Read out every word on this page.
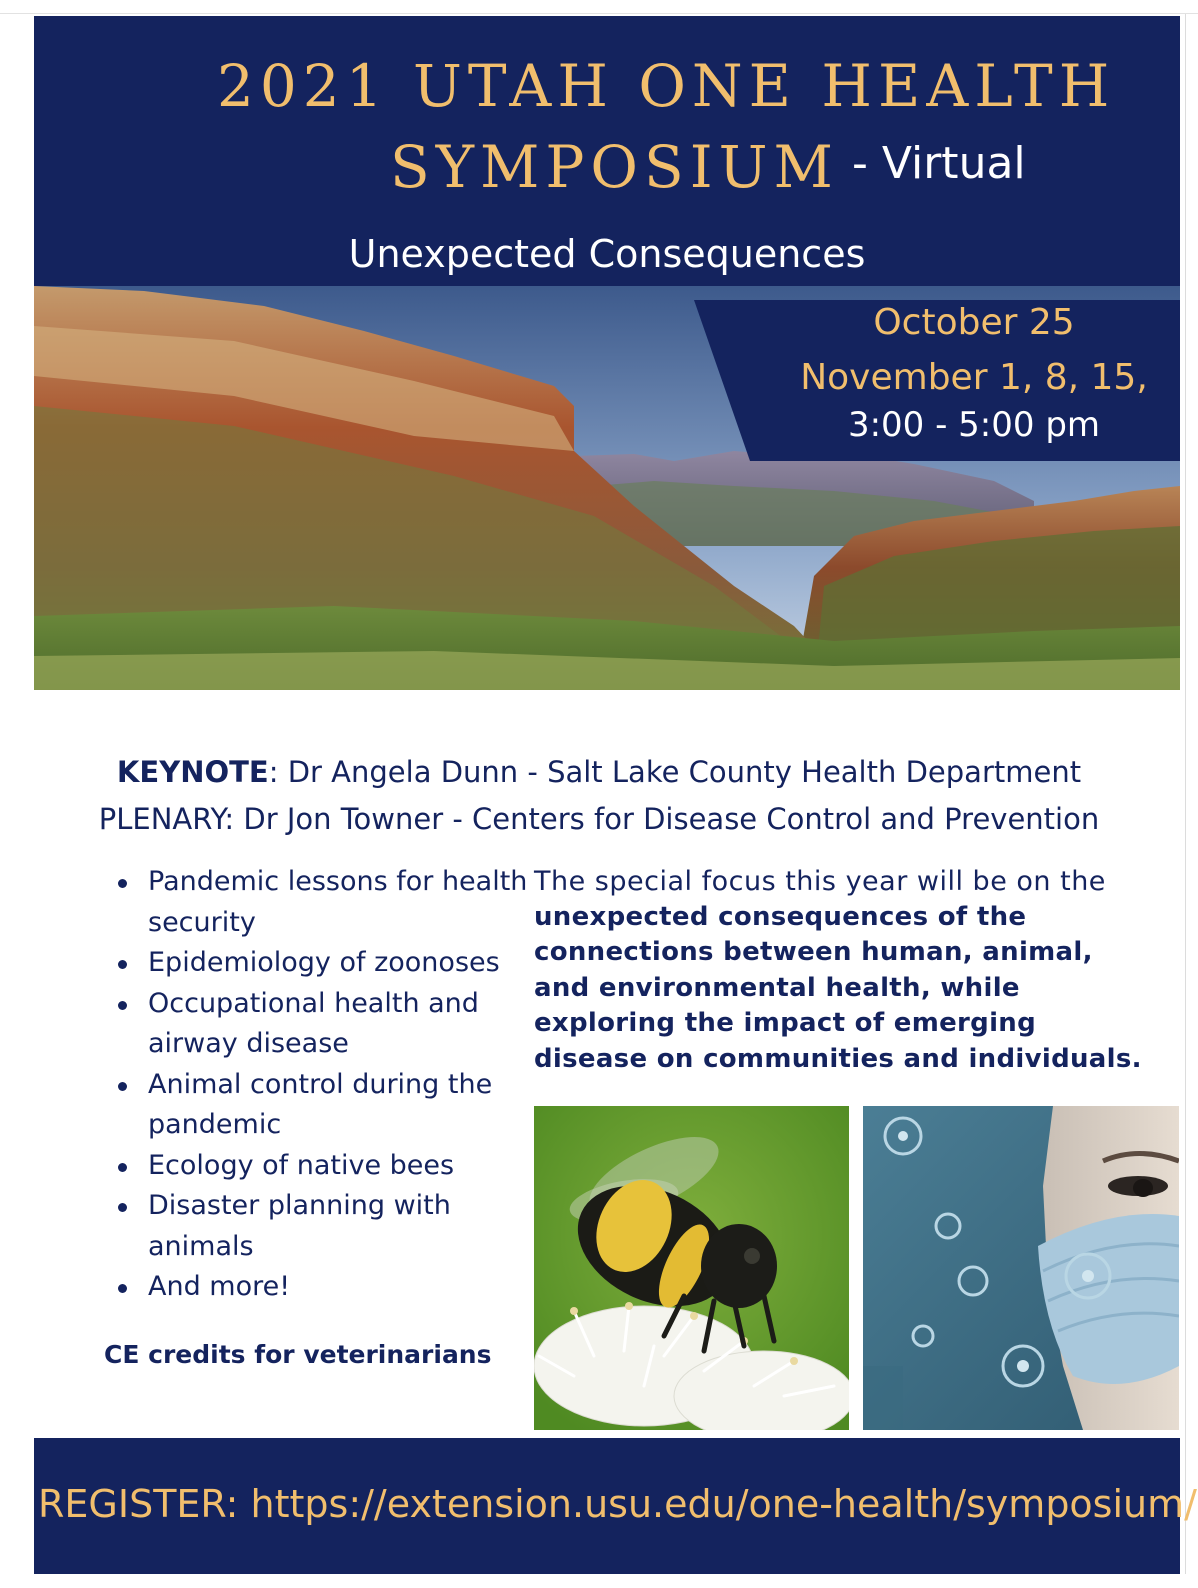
2021 UTAH ONE HEALTH
SYMPOSIUM - Virtual
Unexpected Consequences
October 25
November 1, 8, 15,
3:00 - 5:00 pm
KEYNOTE: Dr Angela Dunn - Salt Lake County Health Department
PLENARY: Dr Jon Towner - Centers for Disease Control and Prevention
Pandemic lessons for health security
Epidemiology of zoonoses
Occupational health and airway disease
Animal control during the pandemic
Ecology of native bees
Disaster planning with animals
And more!
CE credits for veterinarians
The special focus this year will be on the
unexpected consequences of the connections between human, animal, and environmental health, while exploring the impact of emerging disease on communities and individuals.
REGISTER: https://extension.usu.edu/one-health/symposium/
